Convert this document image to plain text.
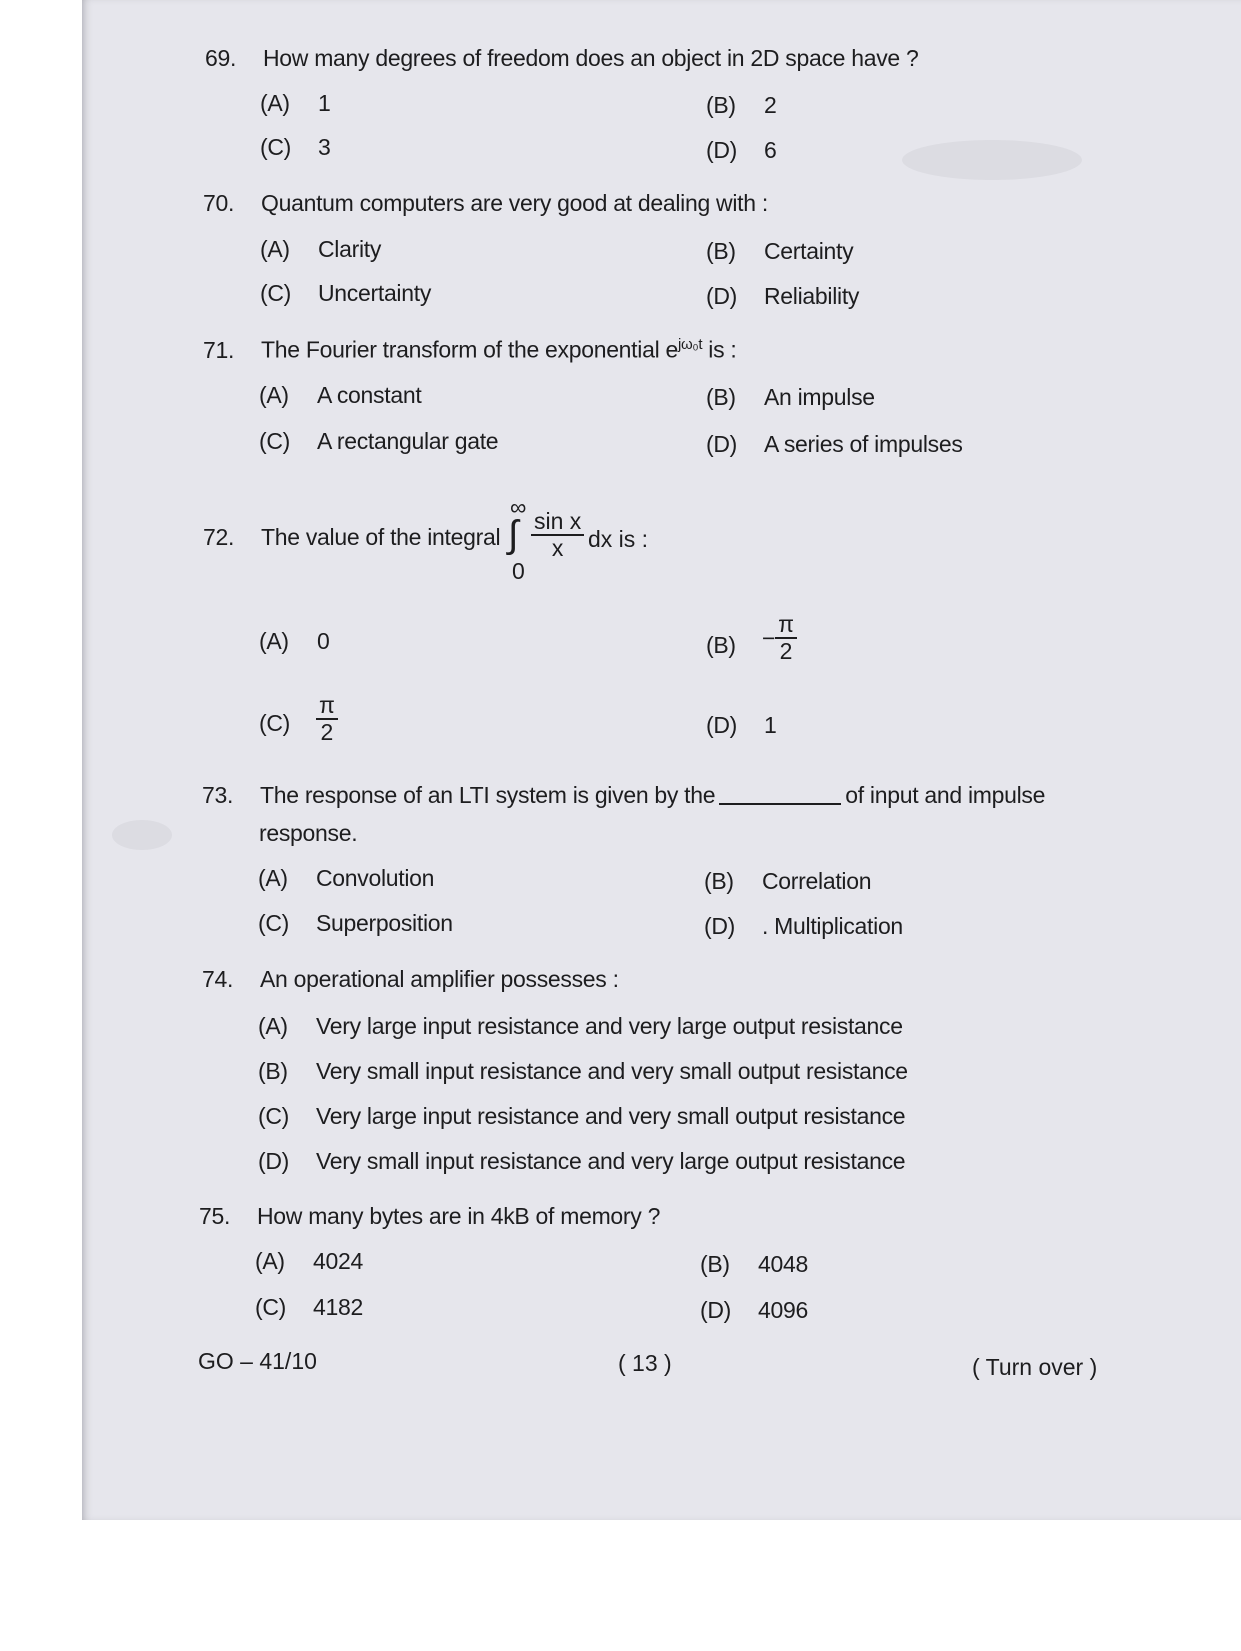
69. How many degrees of freedom does an object in 2D space have ?
(A) 1	(B) 2
(C) 3	(D) 6
70. Quantum computers are very good at dealing with :
(A) Clarity	(B) Certainty
(C) Uncertainty	(D) Reliability
71. The Fourier transform of the exponential $e^{j\omega_0t}$ is :
(A) A constant	(B) An impulse
(C) A rectangular gate	(D) A series of impulses
72. The value of the integral
∞
∫
0
$\frac{\text{sin x}}{x}$ dx is :
(A) 0	(B)	− $\frac{\pi}{2}$
(C)	$\frac{\pi}{2}$	(D) 1
73. The response of an LTI system is given by the	of input and impulse
response.
(A) Convolution	(B) Correlation
(C) Superposition	(D) . Multiplication
74. An operational amplifier possesses :
(A) Very large input resistance and very large output resistance
(B) Very small input resistance and very small output resistance
(C) Very large input resistance and very small output resistance
(D) Very small input resistance and very large output resistance
75. How many bytes are in 4kB of memory ?
(A) 4024	(B) 4048
(C) 4182	(D) 4096
GO – 41/10	( 13 )	( Turn over )
